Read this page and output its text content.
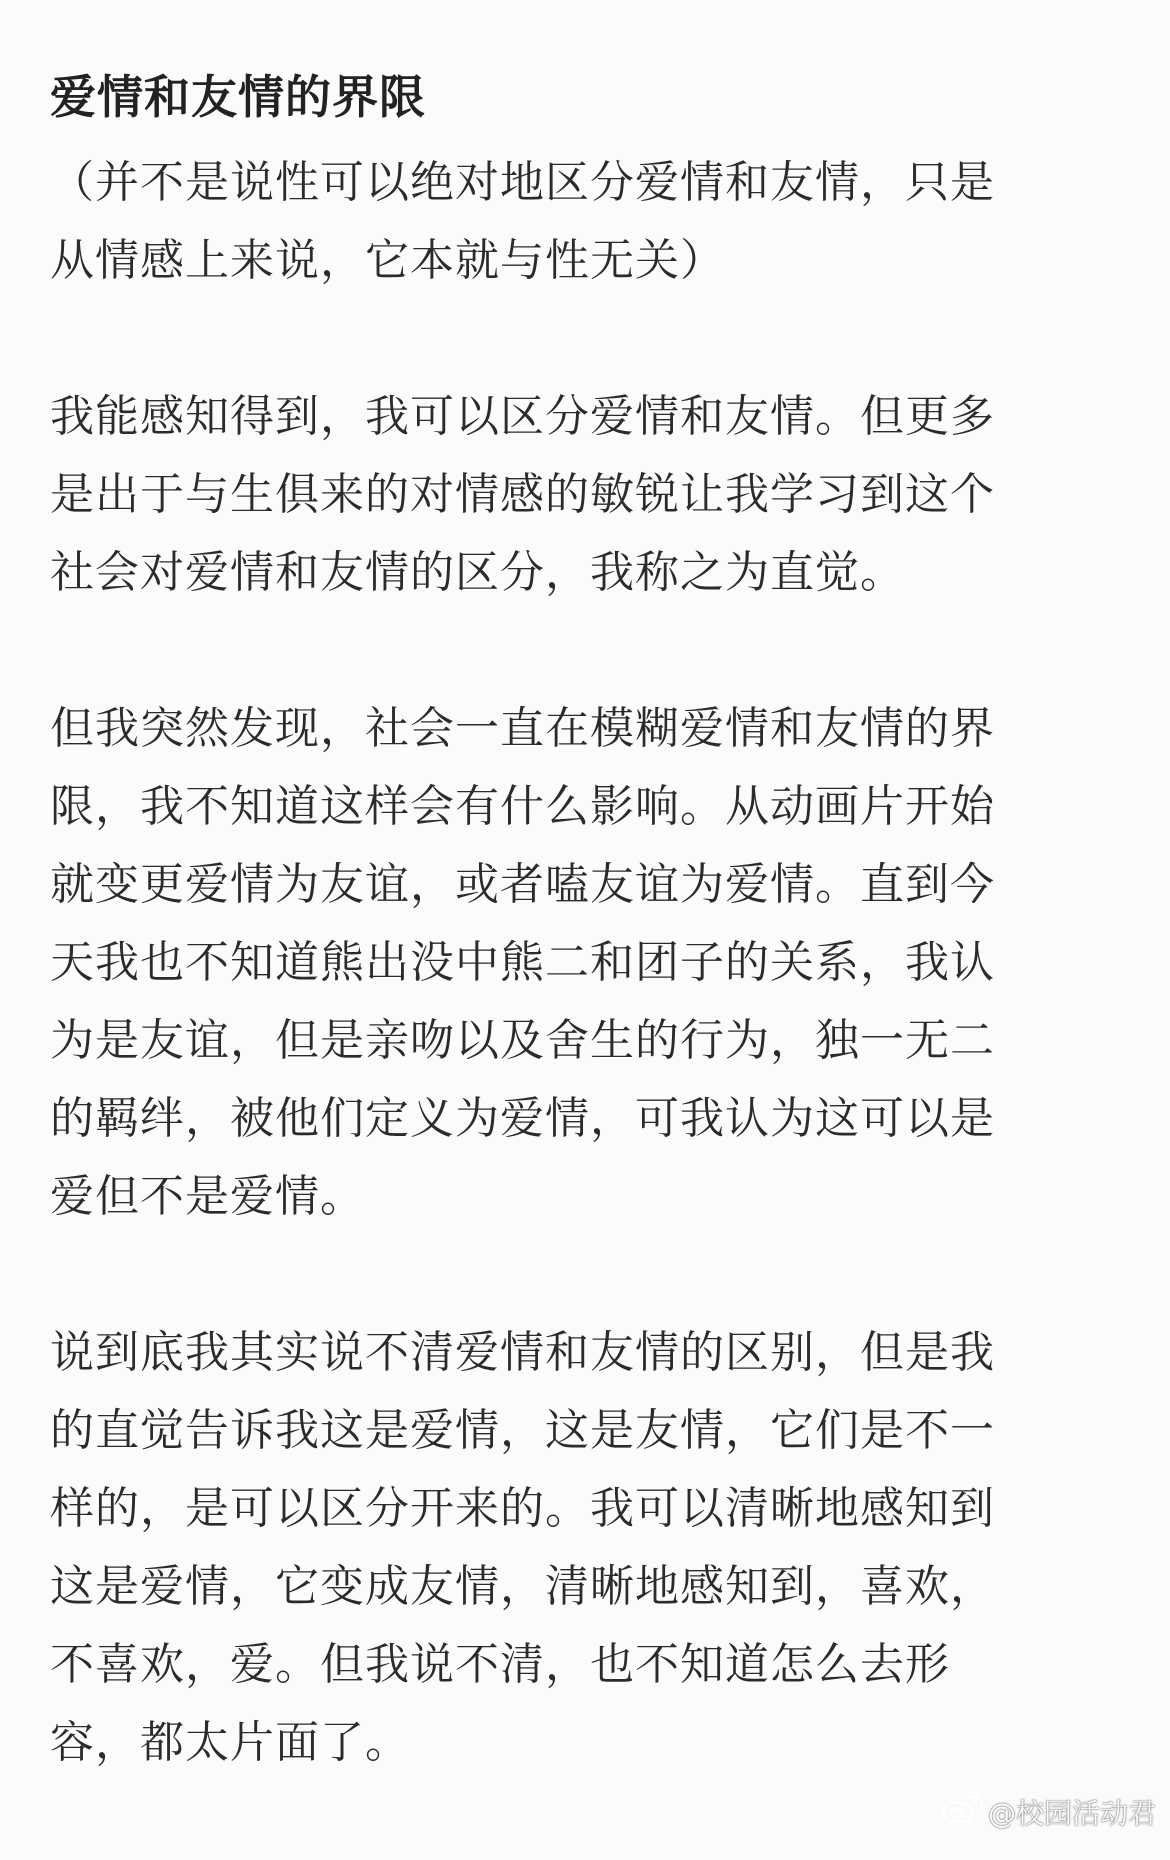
爱情和友情的界限

（并不是说性可以绝对地区分爱情和友情，只是
从情感上来说，它本就与性无关）

我能感知得到，我可以区分爱情和友情。但更多
是出于与生俱来的对情感的敏锐让我学习到这个
社会对爱情和友情的区分，我称之为直觉。

但我突然发现，社会一直在模糊爱情和友情的界
限，我不知道这样会有什么影响。从动画片开始
就变更爱情为友谊，或者嗑友谊为爱情。直到今
天我也不知道熊出没中熊二和团子的关系，我认
为是友谊，但是亲吻以及舍生的行为，独一无二
的羁绊，被他们定义为爱情，可我认为这可以是
爱但不是爱情。

说到底我其实说不清爱情和友情的区别，但是我
的直觉告诉我这是爱情，这是友情，它们是不一
样的，是可以区分开来的。我可以清晰地感知到
这是爱情，它变成友情，清晰地感知到，喜欢，
不喜欢，爱。但我说不清，也不知道怎么去形
容，都太片面了。

@校园活动君
